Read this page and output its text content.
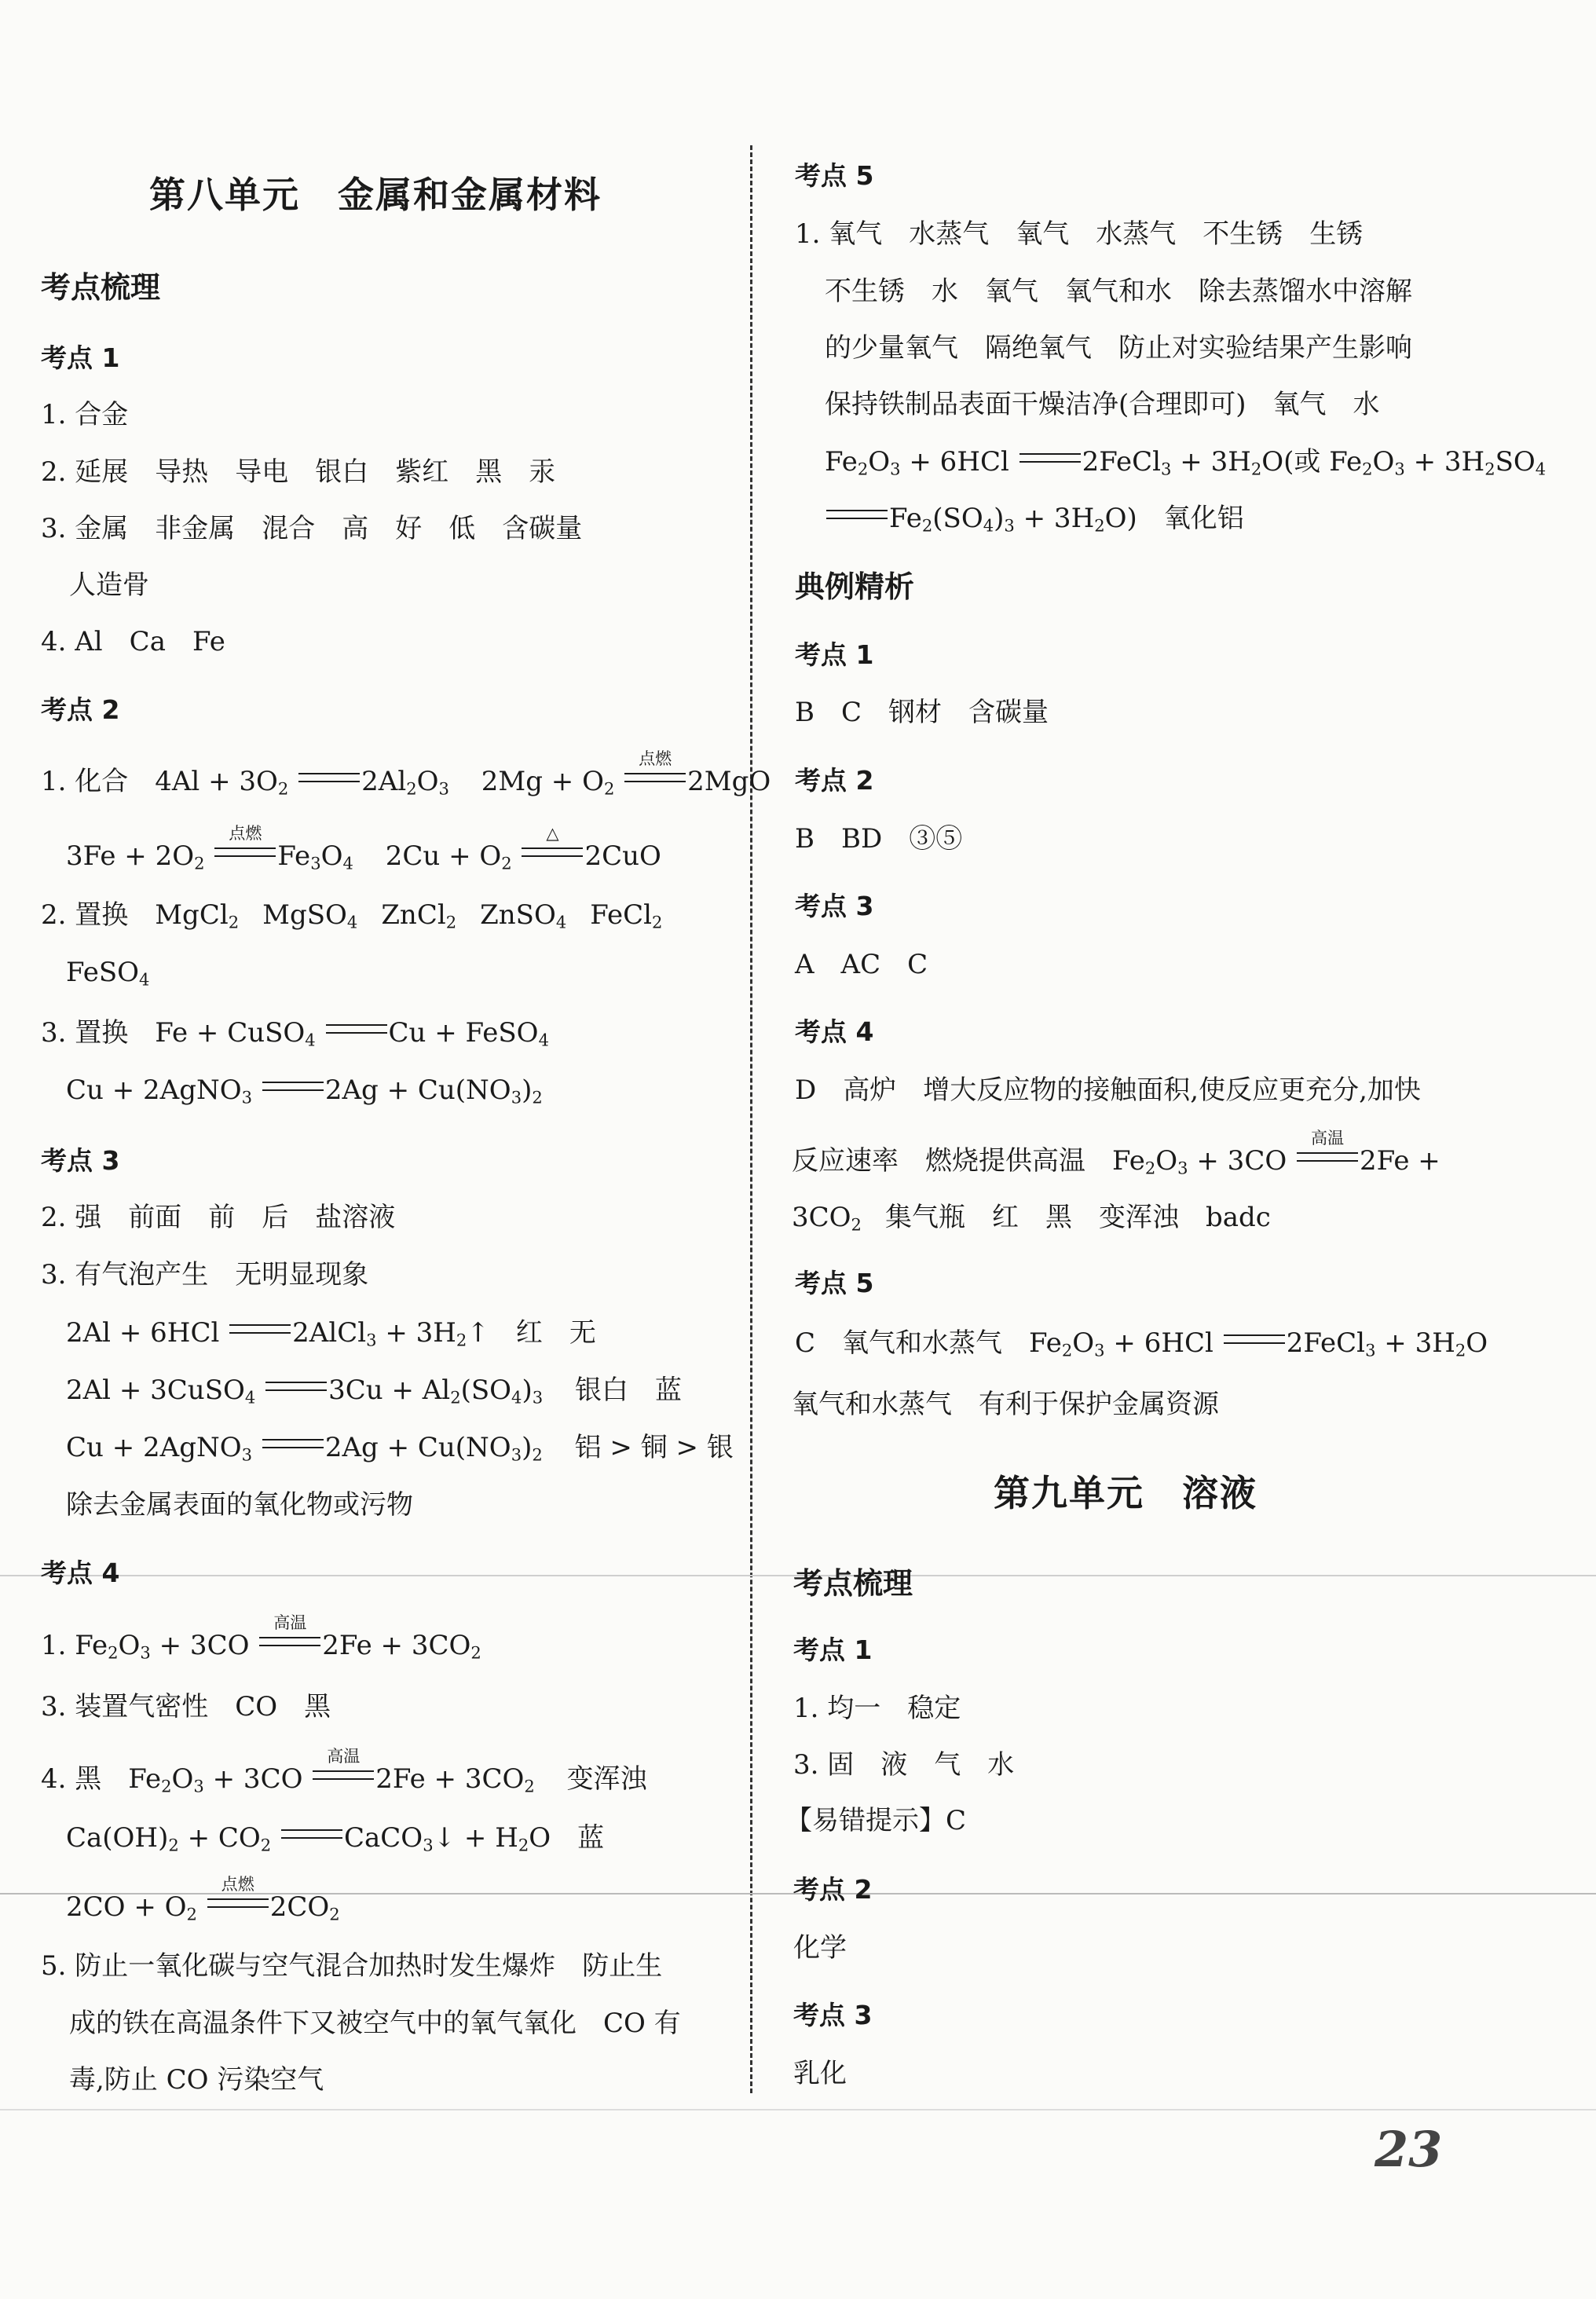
第八单元　金属和金属材料
考点梳理
考点 1
1. 合金
2. 延展　导热　导电　银白　紫红　黑　汞
3. 金属　非金属　混合　高　好　低　含碳量
人造骨
4. Al　Ca　Fe
考点 2
1. 化合　$4Al + 3O_2$	$2Al_2O_3$ $2Mg + O_2$
点燃
2MgO
$3Fe + 2O_2$
点燃
$Fe_3O_4$ $2Cu + O_2$
△
2CuO
2. 置换　MgCl$_2$ MgSO$_4$ ZnCl$_2$ ZnSO$_4$ FeCl$_2$
FeSO$_4$
3. 置换　Fe + CuSO$_4$	Cu + FeSO$_4$
Cu + 2AgNO$_3$	$2Ag + Cu(NO_3)_2$
考点 3
2. 强　前面　前　后　盐溶液
3. 有气泡产生　无明显现象
2Al + 6HCl	2AlCl$_3$ + $3H_2↑$　红　无
2Al + 3CuSO$_4$	$3Cu + Al_2(SO_4)_3$ 银白　蓝
Cu + 2AgNO$_3$	$2Ag + Cu(NO_3)_2$ 铝 > 铜 > 银
除去金属表面的氧化物或污物
考点 4
1. $Fe_2O_3 + 3CO$
高温
$2Fe + 3CO_2$
3. 装置气密性　CO　黑
4. 黑　$Fe_2O_3 + 3CO$
高温
$2Fe + 3CO_2$ 变浑浊
$Ca(OH)_2 + CO_2$	CaCO$_3$↓ + $H_2O$　蓝
$2CO + O_2$
点燃
$2CO_2$
5. 防止一氧化碳与空气混合加热时发生爆炸　防止生
成的铁在高温条件下又被空气中的氧气氧化　CO 有
毒,防止 CO 污染空气
考点 5
1. 氧气　水蒸气　氧气　水蒸气　不生锈　生锈
不生锈　水　氧气　氧气和水　除去蒸馏水中溶解
的少量氧气　隔绝氧气　防止对实验结果产生影响
保持铁制品表面干燥洁净(合理即可)　氧气　水
$Fe_2O_3 + 6HCl$	2FeCl$_3$ + $3H_2O$(或 $Fe_2O_3 + 3H_2SO_4$
$Fe_2(SO_4)_3 + 3H_2O$)　氧化铝
典例精析
考点 1
B　C　钢材　含碳量
考点 2
B　BD　③⑤
考点 3
A　AC　C
考点 4
D　高炉　增大反应物的接触面积,使反应更充分,加快
反应速率　燃烧提供高温　$Fe_2O_3 + 3CO$
高温
2Fe +
$3CO_2$ 集气瓶　红　黑　变浑浊　badc
考点 5
C　氧气和水蒸气　$Fe_2O_3 + 6HCl$	2FeCl$_3$ + $3H_2O$
氧气和水蒸气　有利于保护金属资源
第九单元　溶液
考点梳理
考点 1
1. 均一　稳定
3. 固　液　气　水
【易错提示】C
考点 2
化学
考点 3
乳化
23
